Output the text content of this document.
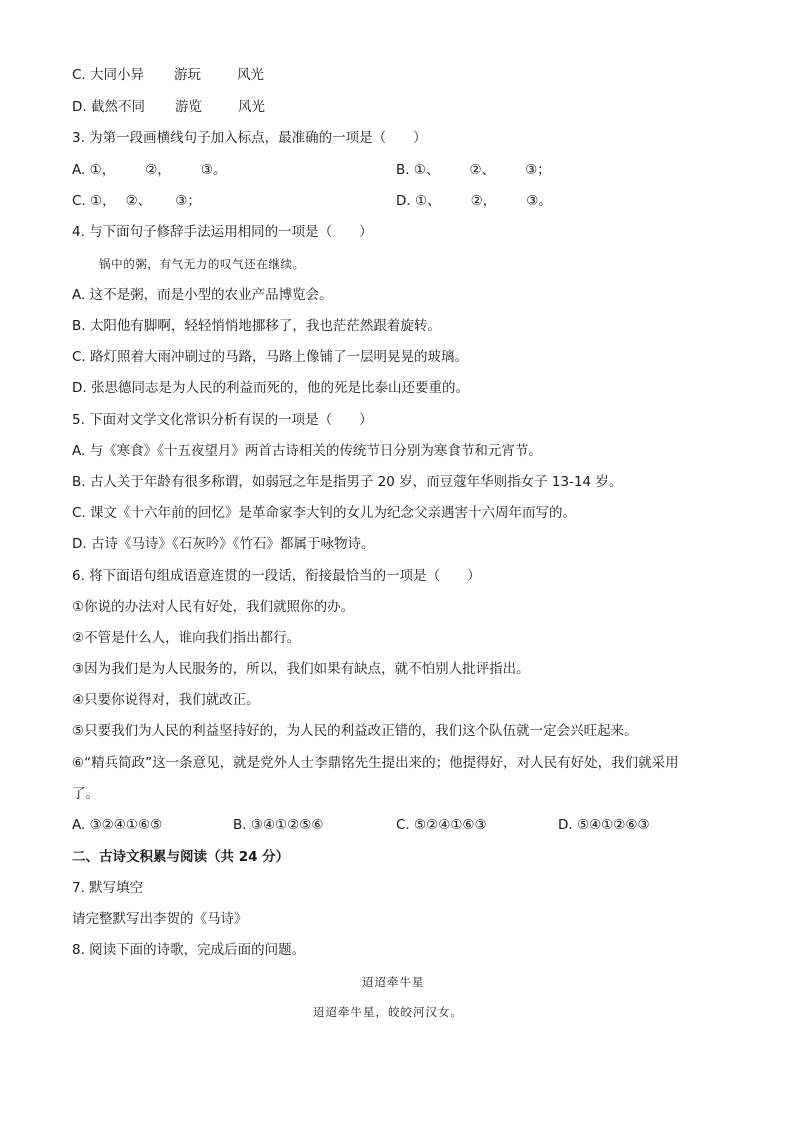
C. 大同小异 游玩	风光
D. 截然不同 游览	风光
3. 为第一段画横线句子加入标点，最准确的一项是（　　）
A. ①， ②， ③。	B. ①、 ②、 ③；
C. ①， ②、 ③；	D. ①、 ②， ③。
4. 与下面句子修辞手法运用相同的一项是（　　）
锅中的粥，有气无力的叹气还在继续。
A. 这不是粥，而是小型的农业产品博览会。
B. 太阳他有脚啊，轻轻悄悄地挪移了，我也茫茫然跟着旋转。
C. 路灯照着大雨冲刷过的马路，马路上像铺了一层明晃晃的玻璃。
D. 张思德同志是为人民的利益而死的，他的死是比泰山还要重的。
5. 下面对文学文化常识分析有误的一项是（　　）
A. 与《寒食》《十五夜望月》两首古诗相关的传统节日分别为寒食节和元宵节。
B. 古人关于年龄有很多称谓，如弱冠之年是指男子 20 岁，而豆蔻年华则指女子 13-14 岁。
C. 课文《十六年前的回忆》是革命家李大钊的女儿为纪念父亲遇害十六周年而写的。
D. 古诗《马诗》《石灰吟》《竹石》都属于咏物诗。
6. 将下面语句组成语意连贯的一段话，衔接最恰当的一项是（　　）
①你说的办法对人民有好处，我们就照你的办。
②不管是什么人，谁向我们指出都行。
③因为我们是为人民服务的，所以，我们如果有缺点，就不怕别人批评指出。
④只要你说得对，我们就改正。
⑤只要我们为人民的利益坚持好的，为人民的利益改正错的，我们这个队伍就一定会兴旺起来。
⑥“精兵简政”这一条意见，就是党外人士李鼎铭先生提出来的；他提得好，对人民有好处，我们就采用
了。
A. ③②④①⑥⑤	B. ③④①②⑤⑥	C. ⑤②④①⑥③	D. ⑤④①②⑥③
二、古诗文积累与阅读（共 24 分）
7. 默写填空
请完整默写出李贺的《马诗》
8. 阅读下面的诗歌，完成后面的问题。
迢迢牵牛星
迢迢牵牛星，皎皎河汉女。
